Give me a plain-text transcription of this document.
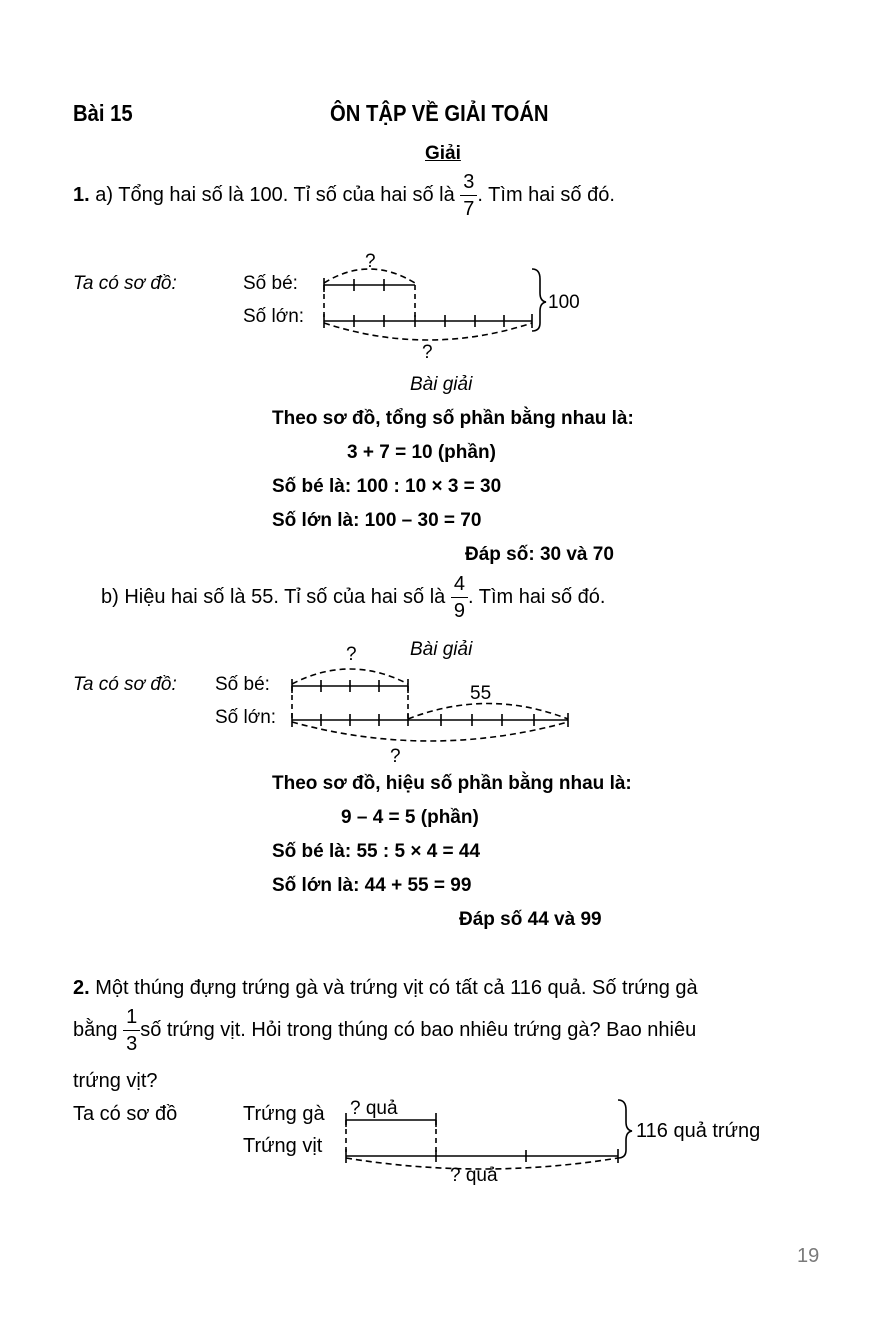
Bài 15	ÔN TẬP VỀ GIẢI TOÁN
Giải
1. a) Tổng hai số là 100. Tỉ số của hai số là $\frac{3}{7}$ . Tìm hai số đó.
Ta có sơ đồ:	Số bé:
Số lớn:
?
?
100
Bài giải
Theo sơ đồ, tổng số phần bằng nhau là:
3 + 7 = 10 (phần)
Số bé là: 100 : 10 × 3 = 30
Số lớn là: 100 – 30 = 70
Đáp số: 30 và 70
b) Hiệu hai số là 55. Tỉ số của hai số là $\frac{4}{9}$ . Tìm hai số đó.
Bài giải
Ta có sơ đồ: Số bé:
Số lớn:
?
55
?
Theo sơ đồ, hiệu số phần bằng nhau là:
9 – 4 = 5 (phần)
Số bé là: 55 : 5 × 4 = 44
Số lớn là: 44 + 55 = 99
Đáp số 44 và 99
2. Một thúng đựng trứng gà và trứng vịt có tất cả 116 quả. Số trứng gà
bằng $\frac{1}{3}$ số trứng vịt. Hỏi trong thúng có bao nhiêu trứng gà? Bao nhiêu
trứng vịt?
Ta có sơ đồ	Trứng gà
Trứng vịt
? quả
? quả
116 quả trứng
19
